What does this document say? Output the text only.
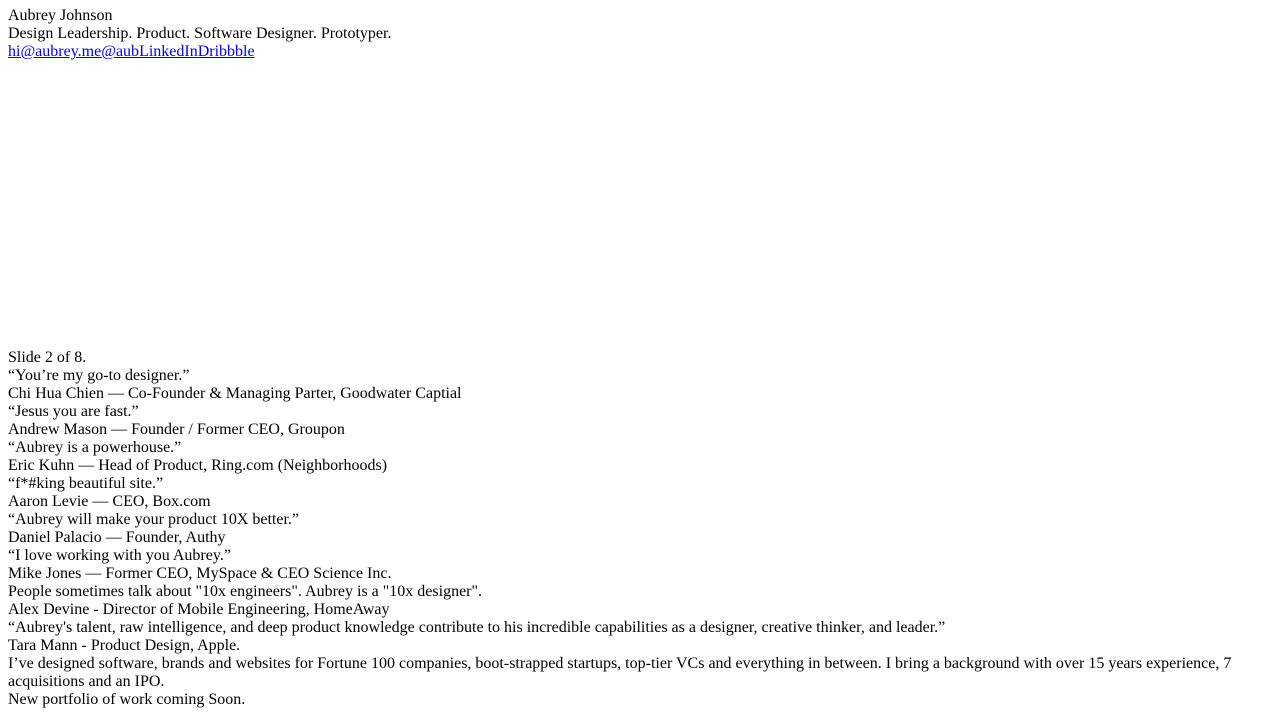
Aubrey Johnson
Design Leadership. Product. Software Designer. Prototyper.
hi@aubrey.me@aubLinkedInDribbble
Slide 2 of 8.
“You’re my go-to designer.”
Chi Hua Chien — Co-Founder & Managing Parter, Goodwater Captial
“Jesus you are fast.”
Andrew Mason — Founder / Former CEO, Groupon
“Aubrey is a powerhouse.”
Eric Kuhn — Head of Product, Ring.com (Neighborhoods)
“f*#king beautiful site.”
Aaron Levie — CEO, Box.com
“Aubrey will make your product 10X better.”
Daniel Palacio — Founder, Authy
“I love working with you Aubrey.”
Mike Jones — Former CEO, MySpace & CEO Science Inc.
People sometimes talk about "10x engineers". Aubrey is a "10x designer".
Alex Devine - Director of Mobile Engineering, HomeAway
“Aubrey's talent, raw intelligence, and deep product knowledge contribute to his incredible capabilities as a designer, creative thinker, and leader.”
Tara Mann - Product Design, Apple.
I’ve designed software, brands and websites for Fortune 100 companies, boot-strapped startups, top-tier VCs and everything in between. I bring a background with over 15 years experience, 7 acquisitions and an IPO.
New portfolio of work coming Soon.
